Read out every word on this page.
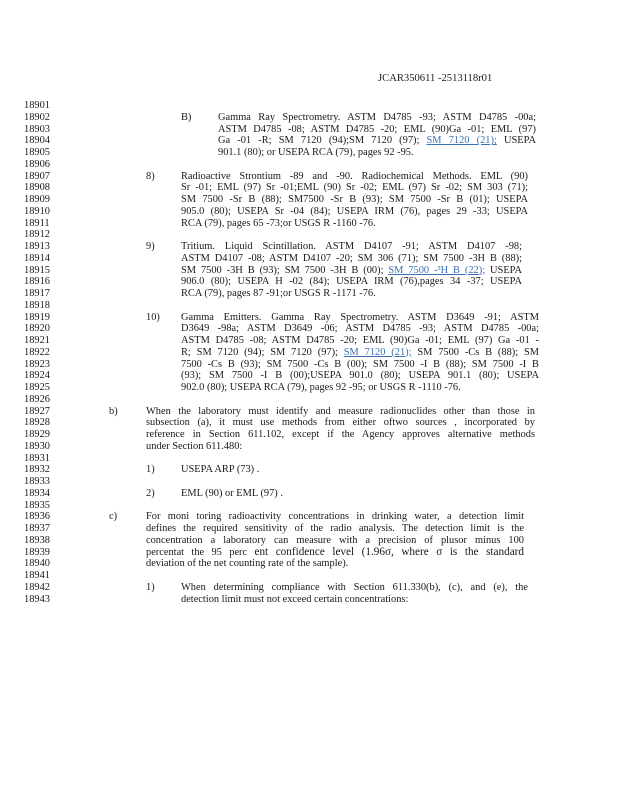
JCAR350611 -2513118r01
18901
18902
18903
18904
18905
18906
18907
18908
18909
18910
18911
18912
18913
18914
18915
18916
18917
18918
18919
18920
18921
18922
18923
18924
18925
18926
18927
18928
18929
18930
18931
18932
18933
18934
18935
18936
18937
18938
18939
18940
18941
18942
18943
B)	Gamma Ray Spectrometry. ASTM D4785 -93; ASTM D4785 -00a;
ASTM D4785 -08; ASTM D4785 -20; EML (90)Ga -01; EML (97)
Ga -01 -R; SM 7120 (94);SM 7120 (97); SM 7120 (21); USEPA
901.1 (80); or USEPA RCA (79), pages 92 -95.
8)	Radioactive Strontium -89 and -90. Radiochemical Methods. EML (90)
Sr -01; EML (97) Sr -01;EML (90) Sr -02; EML (97) Sr -02; SM 303 (71);
SM 7500 -Sr B (88); SM7500 -Sr B (93); SM 7500 -Sr B (01); USEPA
905.0 (80); USEPA Sr -04 (84); USEPA IRM (76), pages 29 -33; USEPA
RCA (79), pages 65 -73;or USGS R -1160 -76.
9)	Tritium. Liquid Scintillation. ASTM D4107 -91; ASTM D4107 -98;
ASTM D4107 -08; ASTM D4107 -20; SM 306 (71); SM 7500 -3H B (88);
SM 7500 -3H B (93); SM 7500 -3H B (00); SM 7500 -³H B (22); USEPA
906.0 (80); USEPA H -02 (84); USEPA IRM (76),pages 34 -37; USEPA
RCA (79), pages 87 -91;or USGS R -1171 -76.
10) Gamma Emitters. Gamma Ray Spectrometry. ASTM D3649 -91; ASTM
D3649 -98a; ASTM D3649 -06; ASTM D4785 -93; ASTM D4785 -00a;
ASTM D4785 -08; ASTM D4785 -20; EML (90)Ga -01; EML (97) Ga -01 -
R; SM 7120 (94); SM 7120 (97); SM 7120 (21); SM 7500 -Cs B (88); SM
7500 -Cs B (93); SM 7500 -Cs B (00); SM 7500 -I B (88); SM 7500 -I B
(93); SM 7500 -I B (00);USEPA 901.0 (80); USEPA 901.1 (80); USEPA
902.0 (80); USEPA RCA (79), pages 92 -95; or USGS R -1110 -76.
b)	When the laboratory must identify and measure radionuclides other than those in
subsection (a), it must use methods from either oftwo sources , incorporated by
reference in Section 611.102, except if the Agency approves alternative methods
under Section 611.480:
1)	USEPA ARP (73) .
2)	EML (90) or EML (97) .
c)	For moni toring radioactivity concentrations in drinking water, a detection limit
defines the required sensitivity of the radio analysis. The detection limit is the
concentration a laboratory can measure with a precision of plusor minus 100
percentat the 95 perc ent confidence level (1.96σ, where σ is the standard
deviation of the net counting rate of the sample).
1)	When determining compliance with Section 611.330(b), (c), and (e), the
detection limit must not exceed certain concentrations:
